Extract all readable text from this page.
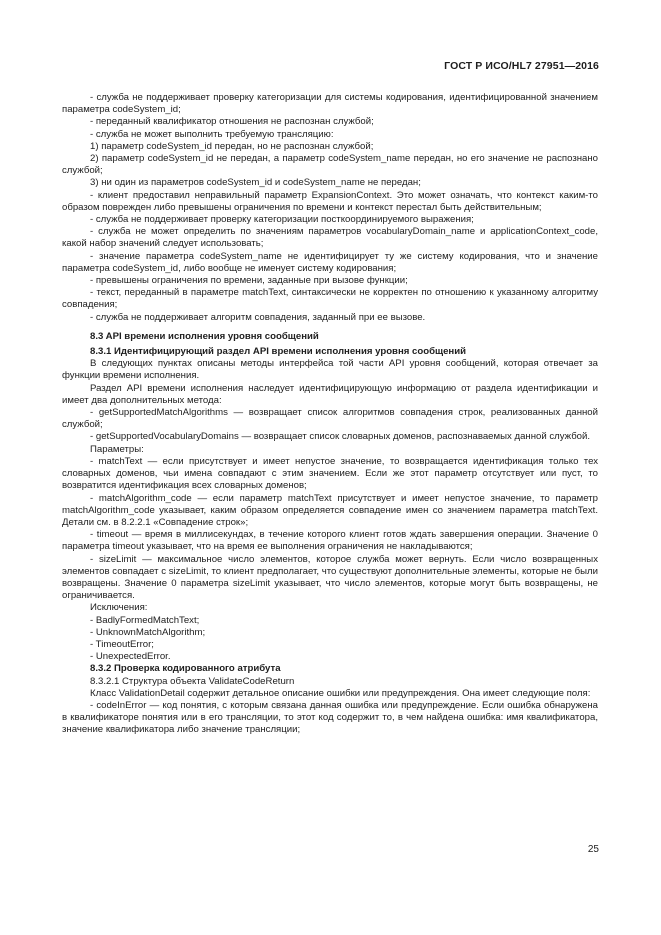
ГОСТ Р ИСО/HL7 27951—2016

- служба не поддерживает проверку категоризации для системы кодирования, идентифицированной значением параметра codeSystem_id;

- переданный квалификатор отношения не распознан службой;

- служба не может выполнить требуемую трансляцию:

1) параметр codeSystem_id передан, но не распознан службой;

2) параметр codeSystem_id не передан, а параметр codeSystem_name передан, но его значение не распознано службой;

3) ни один из параметров codeSystem_id и codeSystem_name не передан;

- клиент предоставил неправильный параметр ExpansionContext. Это может означать, что контекст каким-то образом поврежден либо превышены ограничения по времени и контекст перестал быть действительным;

- служба не поддерживает проверку категоризации посткоординируемого выражения;

- служба не может определить по значениям параметров vocabularyDomain_name и applicationContext_code, какой набор значений следует использовать;

- значение параметра codeSystem_name не идентифицирует ту же систему кодирования, что и значение параметра codeSystem_id, либо вообще не именует систему кодирования;

- превышены ограничения по времени, заданные при вызове функции;

- текст, переданный в параметре matchText, синтаксически не корректен по отношению к указанному алгоритму совпадения;

- служба не поддерживает алгоритм совпадения, заданный при ее вызове.

8.3 API времени исполнения уровня сообщений

8.3.1 Идентифицирующий раздел API времени исполнения уровня сообщений

В следующих пунктах описаны методы интерфейса той части API уровня сообщений, которая отвечает за функции времени исполнения.

Раздел API времени исполнения наследует идентифицирующую информацию от раздела идентификации и имеет два дополнительных метода:

- getSupportedMatchAlgorithms — возвращает список алгоритмов совпадения строк, реализованных данной службой;

- getSupportedVocabularyDomains — возвращает список словарных доменов, распознаваемых данной службой.

Параметры:

- matchText — если присутствует и имеет непустое значение, то возвращается идентификация только тех словарных доменов, чьи имена совпадают с этим значением. Если же этот параметр отсутствует или пуст, то возвратится идентификация всех словарных доменов;

- matchAlgorithm_code — если параметр matchText присутствует и имеет непустое значение, то параметр matchAlgorithm_code указывает, каким образом определяется совпадение имен со значением параметра matchText. Детали см. в 8.2.2.1 «Совпадение строк»;

- timeout — время в миллисекундах, в течение которого клиент готов ждать завершения операции. Значение 0 параметра timeout указывает, что на время ее выполнения ограничения не накладываются;

- sizeLimit — максимальное число элементов, которое служба может вернуть. Если число возвращенных элементов совпадает с sizeLimit, то клиент предполагает, что существуют дополнительные элементы, которые не были возвращены. Значение 0 параметра sizeLimit указывает, что число элементов, которые могут быть возвращены, не ограничивается.

Исключения:

- BadlyFormedMatchText;

- UnknownMatchAlgorithm;

- TimeoutError;

- UnexpectedError.

8.3.2 Проверка кодированного атрибута

8.3.2.1 Структура объекта ValidateCodeReturn

Класс ValidationDetail содержит детальное описание ошибки или предупреждения. Она имеет следующие поля:

- codeInError — код понятия, с которым связана данная ошибка или предупреждение. Если ошибка обнаружена в квалификаторе понятия или в его трансляции, то этот код содержит то, в чем найдена ошибка: имя квалификатора, значение квалификатора либо значение трансляции;

25
